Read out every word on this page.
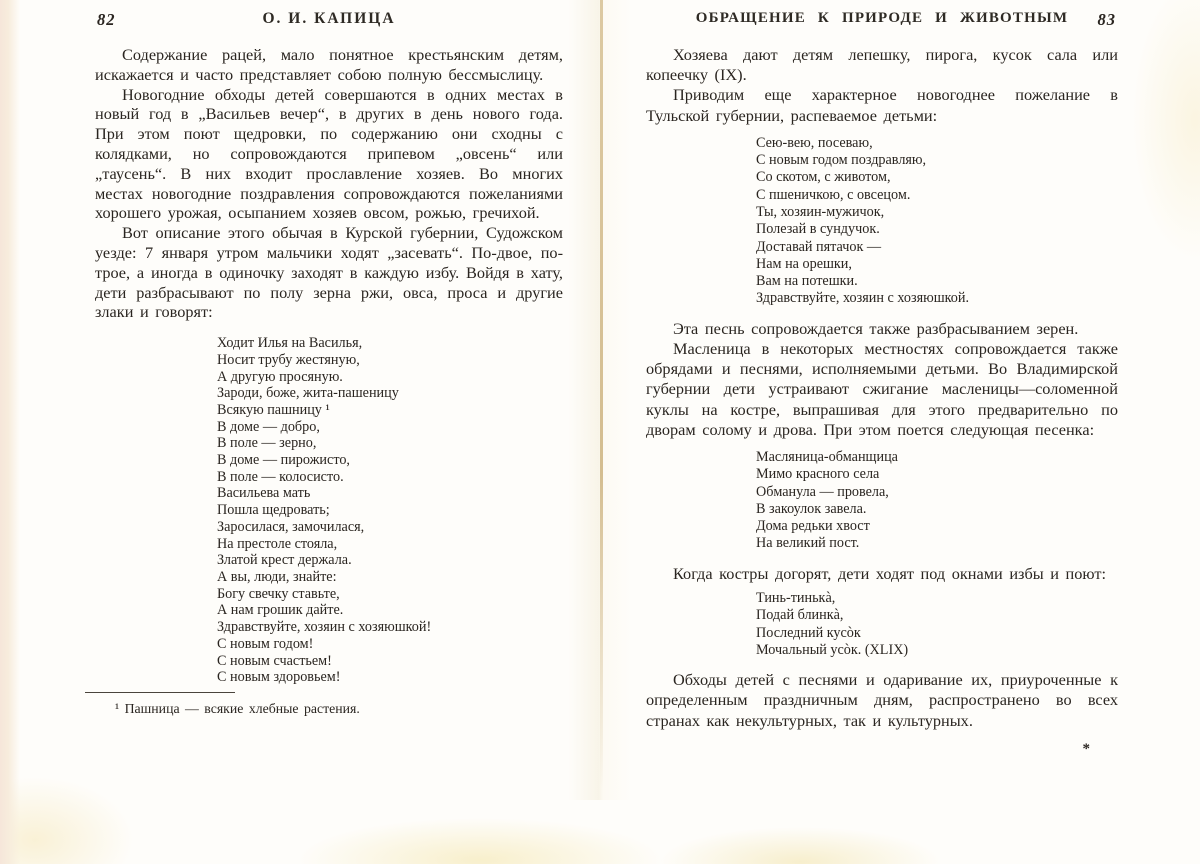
82	О. И. КАПИЦА

Содержание рацей, мало понятное крестьянским детям, искажается и часто представляет собою полную бессмыслицу.

Новогодние обходы детей совершаются в одних местах в новый год в „Васильев вечер“, в других в день нового года. При этом поют щедровки, по содержанию они сходны с колядками, но сопровождаются припевом „овсень“ или „таусень“. В них входит прославление хозяев. Во многих местах новогодние поздравления сопровождаются пожеланиями хорошего урожая, осыпанием хозяев овсом, рожью, гречихой.

Вот описание этого обычая в Курской губернии, Судожском уезде: 7 января утром мальчики ходят „засевать“. По-двое, по-трое, а иногда в одиночку заходят в каждую избу. Войдя в хату, дети разбрасывают по полу зерна ржи, овса, проса и другие злаки и говорят:

Ходит Илья на Василья,
Носит трубу жестяную,
А другую просяную.
Зароди, боже, жита-пашеницу
Всякую пашницу ¹
В доме — добро,
В поле — зерно,
В доме — пирожисто,
В поле — колосисто.
Васильева мать
Пошла щедровать;
Заросилася, замочилася,
На престоле стояла,
Златой крест держала.
А вы, люди, знайте:
Богу свечку ставьте,
А нам грошик дайте.
Здравствуйте, хозяин с хозяюшкой!
С новым годом!
С новым счастьем!
С новым здоровьем!

¹ Пашница — всякие хлебные растения.

ОБРАЩЕНИЕ К ПРИРОДЕ И ЖИВОТНЫМ	83

Хозяева дают детям лепешку, пирога, кусок сала или копеечку (IX).

Приводим еще характерное новогоднее пожелание в Тульской губернии, распеваемое детьми:

Сею-вею, посеваю,
С новым годом поздравляю,
Со скотом, с животом,
С пшеничкою, с овсецом.
Ты, хозяин-мужичок,
Полезай в сундучок.
Доставай пятачок —
Нам на орешки,
Вам на потешки.
Здравствуйте, хозяин с хозяюшкой.

Эта песнь сопровождается также разбрасыванием зерен.

Масленица в некоторых местностях сопровождается также обрядами и песнями, исполняемыми детьми. Во Владимирской губернии дети устраивают сжигание масленицы—соломенной куклы на костре, выпрашивая для этого предварительно по дворам солому и дрова. При этом поется следующая песенка:

Масляница-обманщица
Мимо красного села
Обманула — провела,
В закоулок завела.
Дома редьки хвост
На великий пост.

Когда костры догорят, дети ходят под окнами избы и поют:

Тинь-тинькà,
Подай блинкà,
Последний кусòк
Мочальный усòк. (XLIX)

Обходы детей с песнями и одаривание их, приуроченные к определенным праздничным дням, распространено во всех странах как некультурных, так и культурных.

*
